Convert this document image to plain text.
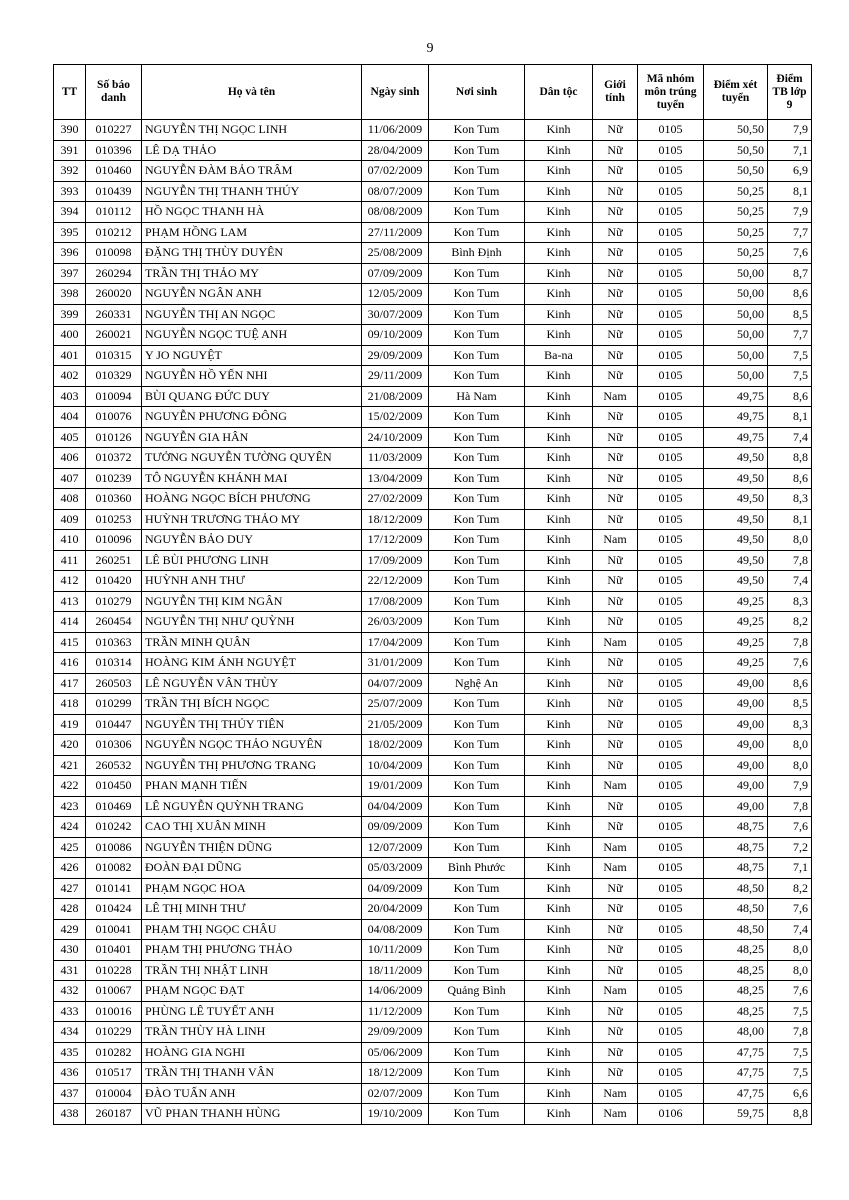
9
TT	Số báo danh	Họ và tên	Ngày sinh	Nơi sinh	Dân tộc	Giới tính	Mã nhóm môn trúng tuyển	Điểm xét tuyển	Điểm TB lớp 9
390	010227	NGUYỄN THỊ NGỌC LINH	11/06/2009	Kon Tum	Kinh	Nữ	0105	50,50	7,9
391	010396	LÊ DẠ THẢO	28/04/2009	Kon Tum	Kinh	Nữ	0105	50,50	7,1
392	010460	NGUYỄN ĐÀM BẢO TRÂM	07/02/2009	Kon Tum	Kinh	Nữ	0105	50,50	6,9
393	010439	NGUYỄN THỊ THANH THÚY	08/07/2009	Kon Tum	Kinh	Nữ	0105	50,25	8,1
394	010112	HỒ NGỌC THANH HÀ	08/08/2009	Kon Tum	Kinh	Nữ	0105	50,25	7,9
395	010212	PHẠM HỒNG LAM	27/11/2009	Kon Tum	Kinh	Nữ	0105	50,25	7,7
396	010098	ĐẶNG THỊ THÙY DUYÊN	25/08/2009	Bình Định	Kinh	Nữ	0105	50,25	7,6
397	260294	TRẦN THỊ THẢO MY	07/09/2009	Kon Tum	Kinh	Nữ	0105	50,00	8,7
398	260020	NGUYỄN NGÂN ANH	12/05/2009	Kon Tum	Kinh	Nữ	0105	50,00	8,6
399	260331	NGUYỄN THỊ AN NGỌC	30/07/2009	Kon Tum	Kinh	Nữ	0105	50,00	8,5
400	260021	NGUYỄN NGỌC TUỆ ANH	09/10/2009	Kon Tum	Kinh	Nữ	0105	50,00	7,7
401	010315	Y JO NGUYỆT	29/09/2009	Kon Tum	Ba-na	Nữ	0105	50,00	7,5
402	010329	NGUYỄN HỒ YẾN NHI	29/11/2009	Kon Tum	Kinh	Nữ	0105	50,00	7,5
403	010094	BÙI QUANG ĐỨC DUY	21/08/2009	Hà Nam	Kinh	Nam	0105	49,75	8,6
404	010076	NGUYỄN PHƯƠNG ĐÔNG	15/02/2009	Kon Tum	Kinh	Nữ	0105	49,75	8,1
405	010126	NGUYỄN GIA HÂN	24/10/2009	Kon Tum	Kinh	Nữ	0105	49,75	7,4
406	010372	TƯỞNG NGUYỄN TƯỜNG QUYÊN	11/03/2009	Kon Tum	Kinh	Nữ	0105	49,50	8,8
407	010239	TÔ NGUYỄN KHÁNH MAI	13/04/2009	Kon Tum	Kinh	Nữ	0105	49,50	8,6
408	010360	HOÀNG NGỌC BÍCH PHƯƠNG	27/02/2009	Kon Tum	Kinh	Nữ	0105	49,50	8,3
409	010253	HUỲNH TRƯƠNG THẢO MY	18/12/2009	Kon Tum	Kinh	Nữ	0105	49,50	8,1
410	010096	NGUYỄN BẢO DUY	17/12/2009	Kon Tum	Kinh	Nam	0105	49,50	8,0
411	260251	LÊ BÙI PHƯƠNG LINH	17/09/2009	Kon Tum	Kinh	Nữ	0105	49,50	7,8
412	010420	HUỲNH ANH THƯ	22/12/2009	Kon Tum	Kinh	Nữ	0105	49,50	7,4
413	010279	NGUYỄN THỊ KIM NGÂN	17/08/2009	Kon Tum	Kinh	Nữ	0105	49,25	8,3
414	260454	NGUYỄN THỊ NHƯ QUỲNH	26/03/2009	Kon Tum	Kinh	Nữ	0105	49,25	8,2
415	010363	TRẦN MINH QUÂN	17/04/2009	Kon Tum	Kinh	Nam	0105	49,25	7,8
416	010314	HOÀNG KIM ÁNH NGUYỆT	31/01/2009	Kon Tum	Kinh	Nữ	0105	49,25	7,6
417	260503	LÊ NGUYỄN VÂN THÙY	04/07/2009	Nghệ An	Kinh	Nữ	0105	49,00	8,6
418	010299	TRẦN THỊ BÍCH NGỌC	25/07/2009	Kon Tum	Kinh	Nữ	0105	49,00	8,5
419	010447	NGUYỄN THỊ THỦY TIÊN	21/05/2009	Kon Tum	Kinh	Nữ	0105	49,00	8,3
420	010306	NGUYỄN NGỌC THẢO NGUYÊN	18/02/2009	Kon Tum	Kinh	Nữ	0105	49,00	8,0
421	260532	NGUYỄN THỊ PHƯƠNG TRANG	10/04/2009	Kon Tum	Kinh	Nữ	0105	49,00	8,0
422	010450	PHAN MẠNH TIẾN	19/01/2009	Kon Tum	Kinh	Nam	0105	49,00	7,9
423	010469	LÊ NGUYỄN QUỲNH TRANG	04/04/2009	Kon Tum	Kinh	Nữ	0105	49,00	7,8
424	010242	CAO THỊ XUÂN MINH	09/09/2009	Kon Tum	Kinh	Nữ	0105	48,75	7,6
425	010086	NGUYỄN THIỆN DŨNG	12/07/2009	Kon Tum	Kinh	Nam	0105	48,75	7,2
426	010082	ĐOÀN ĐẠI DŨNG	05/03/2009	Bình Phước	Kinh	Nam	0105	48,75	7,1
427	010141	PHẠM NGỌC HOA	04/09/2009	Kon Tum	Kinh	Nữ	0105	48,50	8,2
428	010424	LÊ THỊ MINH THƯ	20/04/2009	Kon Tum	Kinh	Nữ	0105	48,50	7,6
429	010041	PHẠM THỊ NGỌC CHÂU	04/08/2009	Kon Tum	Kinh	Nữ	0105	48,50	7,4
430	010401	PHẠM THỊ PHƯƠNG THẢO	10/11/2009	Kon Tum	Kinh	Nữ	0105	48,25	8,0
431	010228	TRẦN THỊ NHẬT LINH	18/11/2009	Kon Tum	Kinh	Nữ	0105	48,25	8,0
432	010067	PHẠM NGỌC ĐẠT	14/06/2009	Quảng Bình	Kinh	Nam	0105	48,25	7,6
433	010016	PHÙNG LÊ TUYẾT ANH	11/12/2009	Kon Tum	Kinh	Nữ	0105	48,25	7,5
434	010229	TRẦN THÙY HÀ LINH	29/09/2009	Kon Tum	Kinh	Nữ	0105	48,00	7,8
435	010282	HOÀNG GIA NGHI	05/06/2009	Kon Tum	Kinh	Nữ	0105	47,75	7,5
436	010517	TRẦN THỊ THANH VÂN	18/12/2009	Kon Tum	Kinh	Nữ	0105	47,75	7,5
437	010004	ĐÀO TUẤN ANH	02/07/2009	Kon Tum	Kinh	Nam	0105	47,75	6,6
438	260187	VŨ PHAN THANH HÙNG	19/10/2009	Kon Tum	Kinh	Nam	0106	59,75	8,8
